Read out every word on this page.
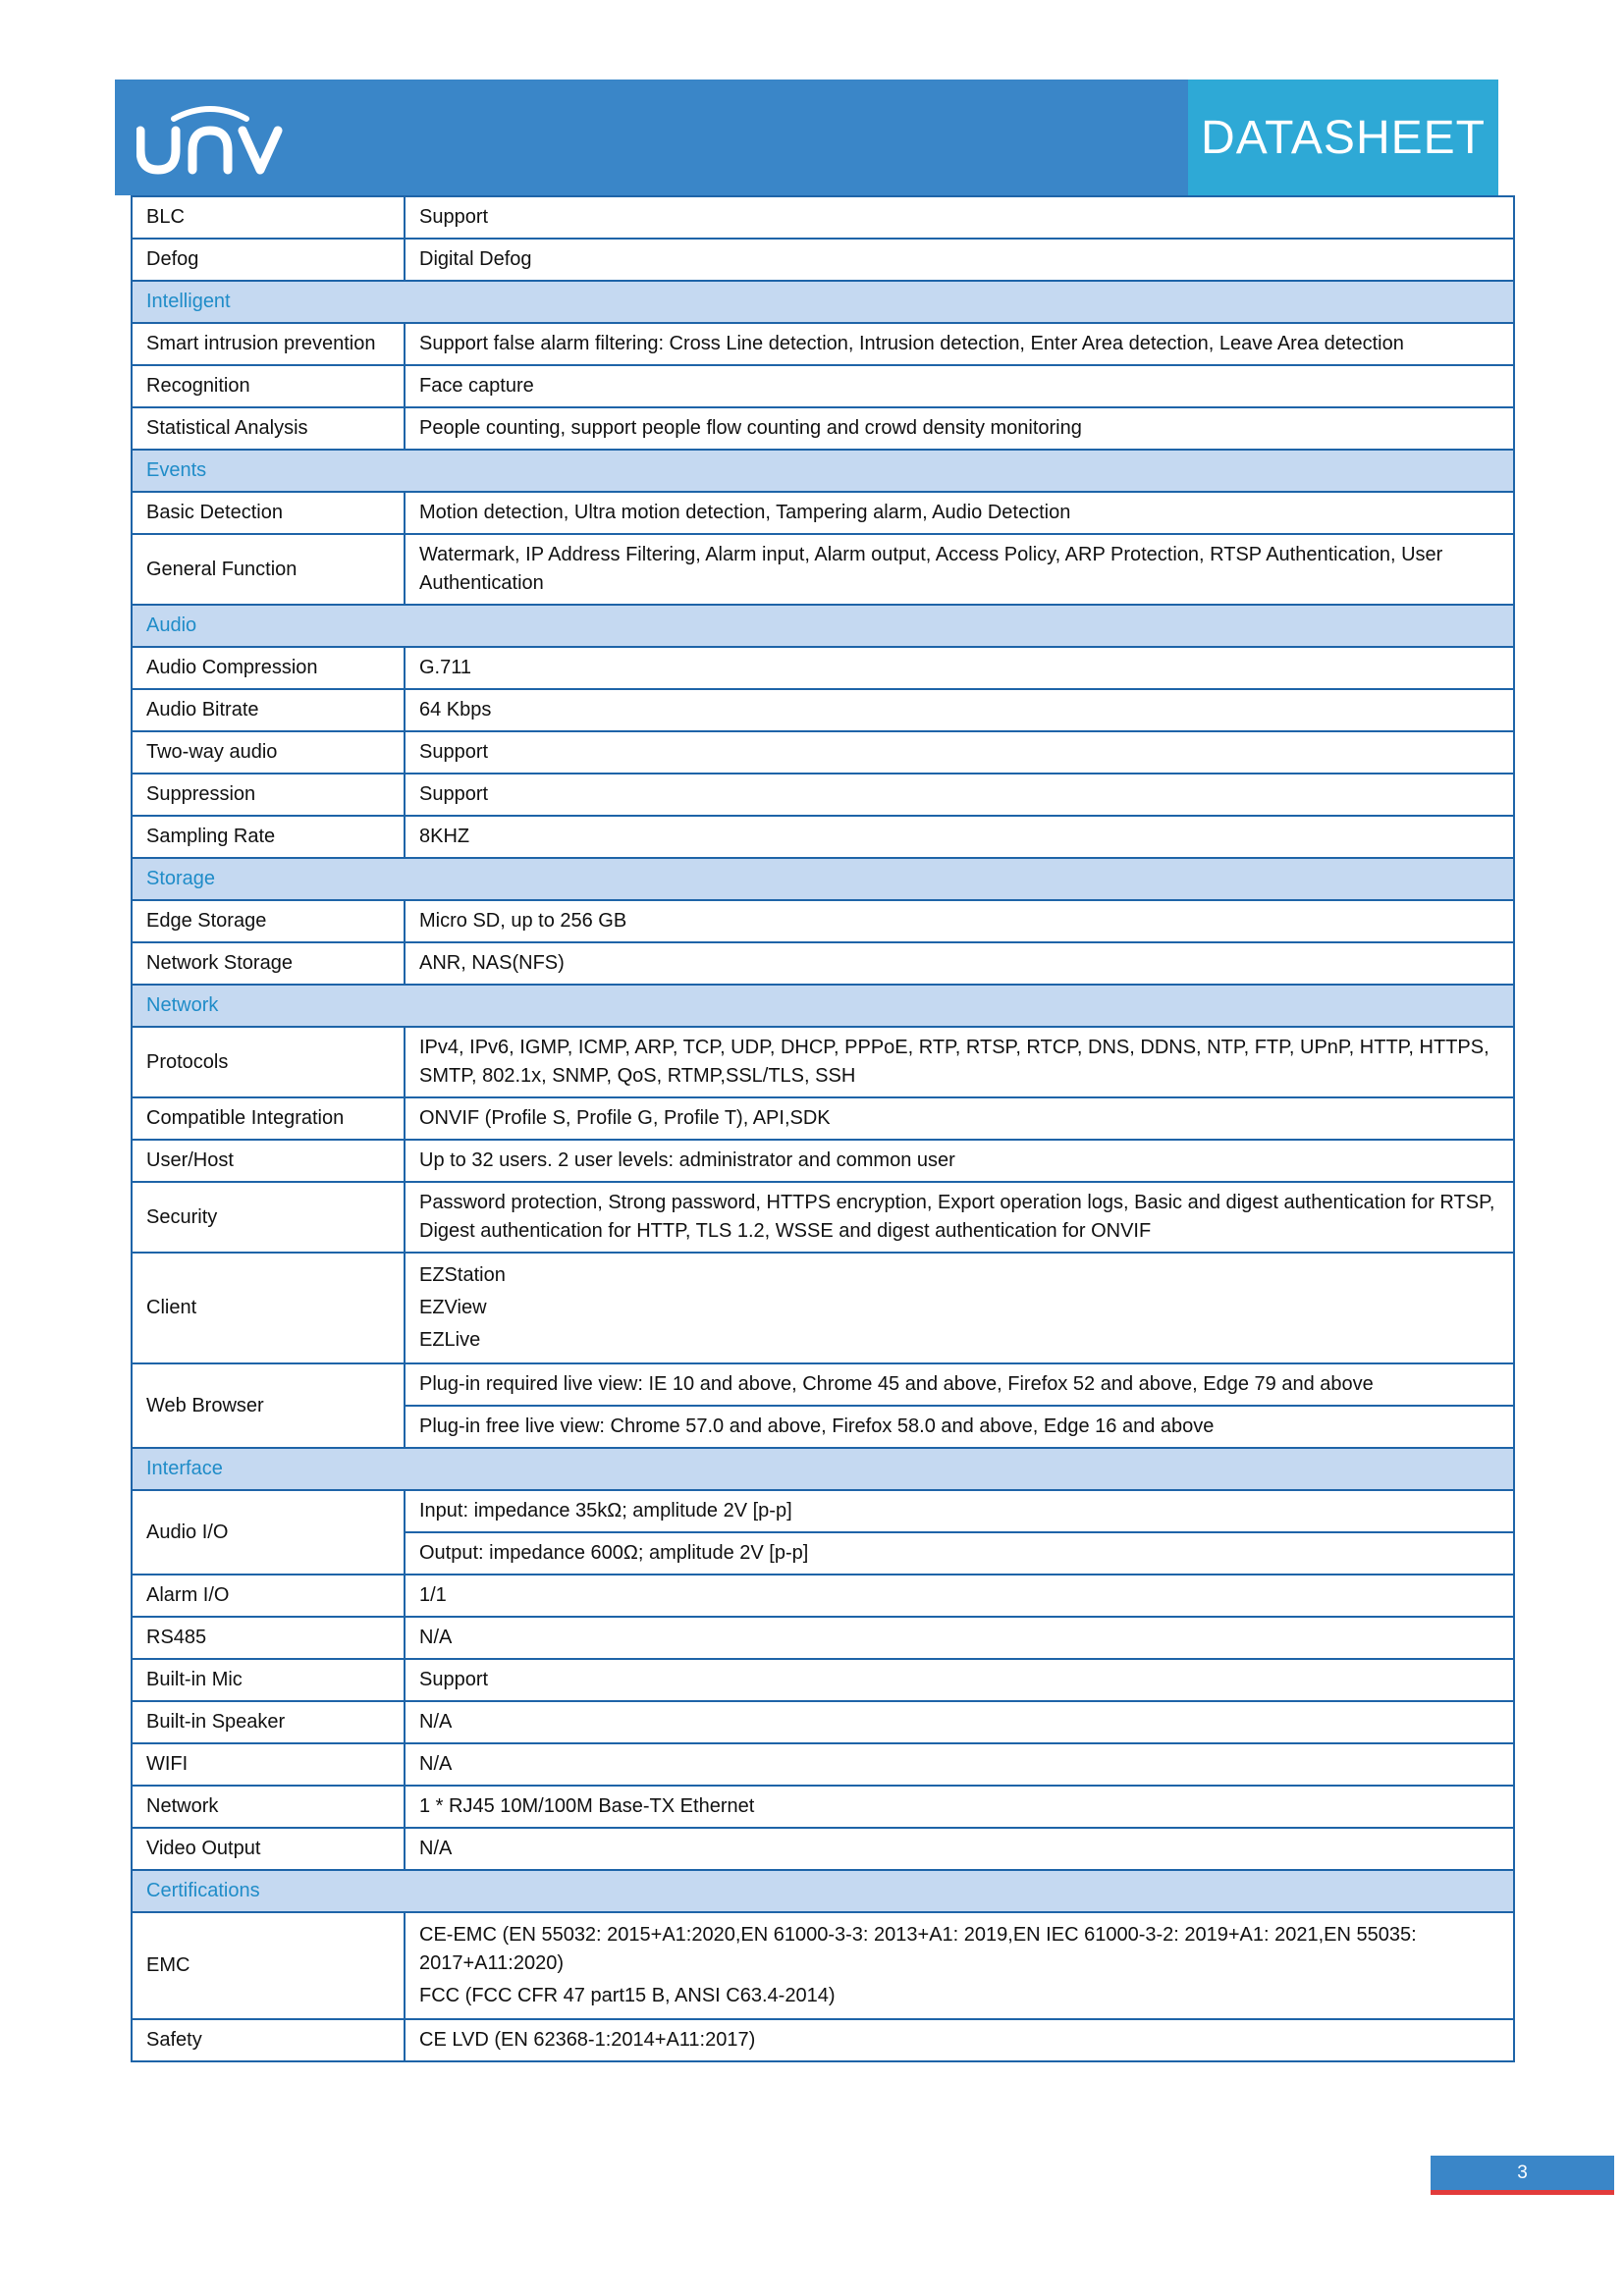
DATASHEET
BLC	Support
Defog	Digital Defog
Intelligent	
Smart intrusion prevention	Support false alarm filtering: Cross Line detection, Intrusion detection, Enter Area detection, Leave Area detection
Recognition	Face capture
Statistical Analysis	People counting, support people flow counting and crowd density monitoring
Events	
Basic Detection	Motion detection, Ultra motion detection, Tampering alarm, Audio Detection
General Function	Watermark, IP Address Filtering, Alarm input, Alarm output, Access Policy, ARP Protection, RTSP Authentication, User Authentication
Audio	
Audio Compression	G.711
Audio Bitrate	64 Kbps
Two-way audio	Support
Suppression	Support
Sampling Rate	8KHZ
Storage	
Edge Storage	Micro SD, up to 256 GB
Network Storage	ANR, NAS(NFS)
Network	
Protocols	IPv4, IPv6, IGMP, ICMP, ARP, TCP, UDP, DHCP, PPPoE, RTP, RTSP, RTCP, DNS, DDNS, NTP, FTP, UPnP, HTTP, HTTPS, SMTP, 802.1x, SNMP, QoS, RTMP,SSL/TLS, SSH
Compatible Integration	ONVIF (Profile S, Profile G, Profile T), API,SDK
User/Host	Up to 32 users. 2 user levels: administrator and common user
Security	Password protection, Strong password, HTTPS encryption, Export operation logs, Basic and digest authentication for RTSP, Digest authentication for HTTP, TLS 1.2, WSSE and digest authentication for ONVIF
Client	EZStation
EZView
EZLive

Web Browser	Plug-in required live view: IE 10 and above, Chrome 45 and above, Firefox 52 and above, Edge 79 and above
	Plug-in free live view: Chrome 57.0 and above, Firefox 58.0 and above, Edge 16 and above
Interface	
Audio I/O	Input: impedance 35kΩ; amplitude 2V [p-p]
	Output: impedance 600Ω; amplitude 2V [p-p]
Alarm I/O	1/1
RS485	N/A
Built-in Mic	Support
Built-in Speaker	N/A
WIFI	N/A
Network	1 * RJ45 10M/100M Base-TX Ethernet
Video Output	N/A
Certifications	
EMC	CE-EMC (EN 55032: 2015+A1:2020,EN 61000-3-3: 2013+A1: 2019,EN IEC 61000-3-2: 2019+A1: 2021,EN 55035: 2017+A11:2020)
FCC (FCC CFR 47 part15 B, ANSI C63.4-2014)

Safety	CE LVD (EN 62368-1:2014+A11:2017)
3
